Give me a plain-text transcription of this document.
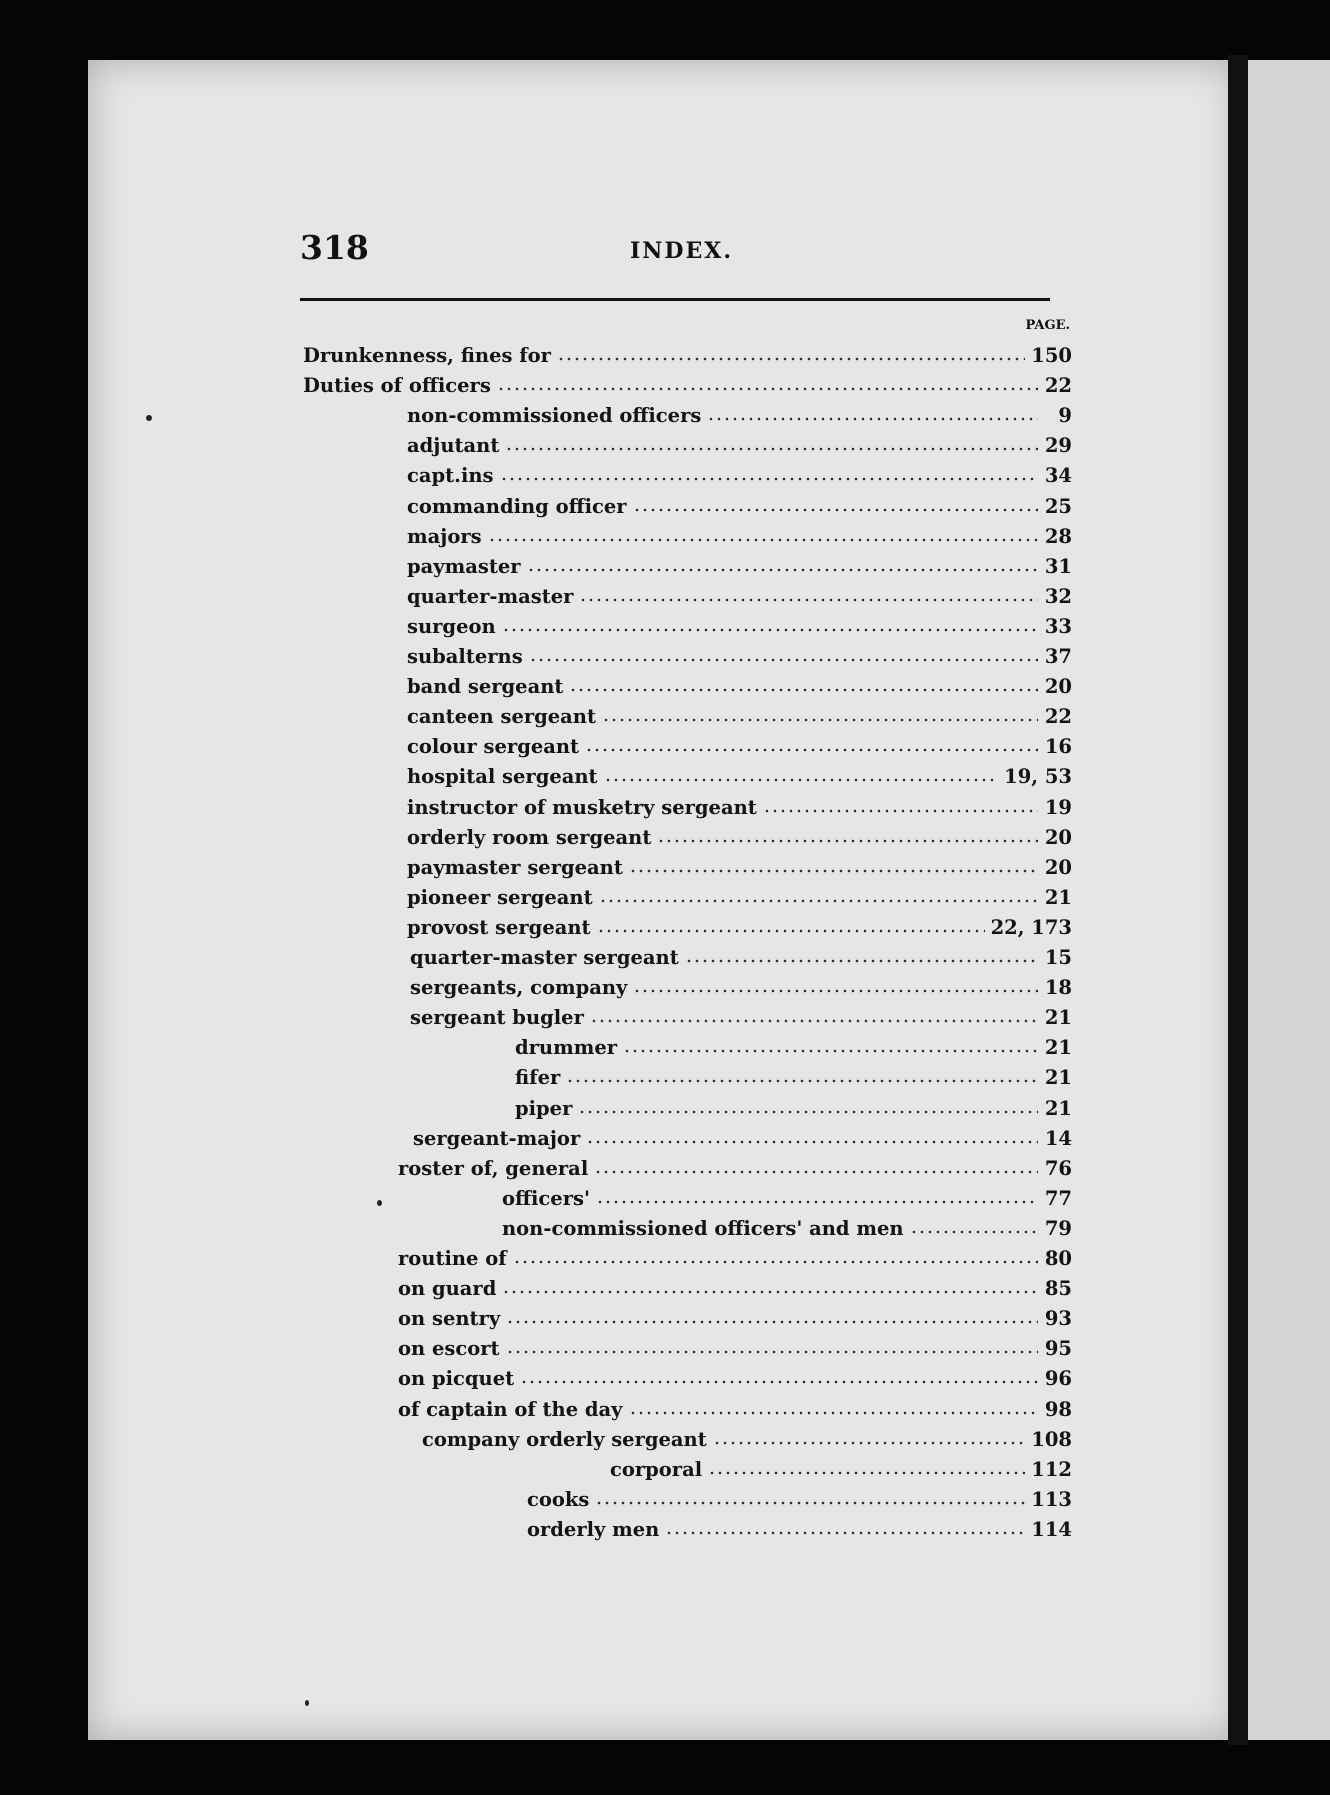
318	INDEX.
PAGE.
Drunkenness, fines for	150
Duties of officers	22
non-commissioned officers	9
adjutant	29
capt.ins	34
commanding officer	25
majors	28
paymaster	31
quarter-master	32
surgeon	33
subalterns	37
band sergeant	20
canteen sergeant	22
colour sergeant	16
hospital sergeant	19, 53
instructor of musketry sergeant	19
orderly room sergeant	20
paymaster sergeant	20
pioneer sergeant	21
provost sergeant	22, 173
quarter-master sergeant	15
sergeants, company	18
sergeant bugler	21
drummer	21
fifer	21
piper	21
sergeant-major	14
roster of, general	76
officers'	77
non-commissioned officers' and men	79
routine of	80
on guard	85
on sentry	93
on escort	95
on picquet	96
of captain of the day	98
company orderly sergeant	108
corporal	112
cooks	113
orderly men	114
